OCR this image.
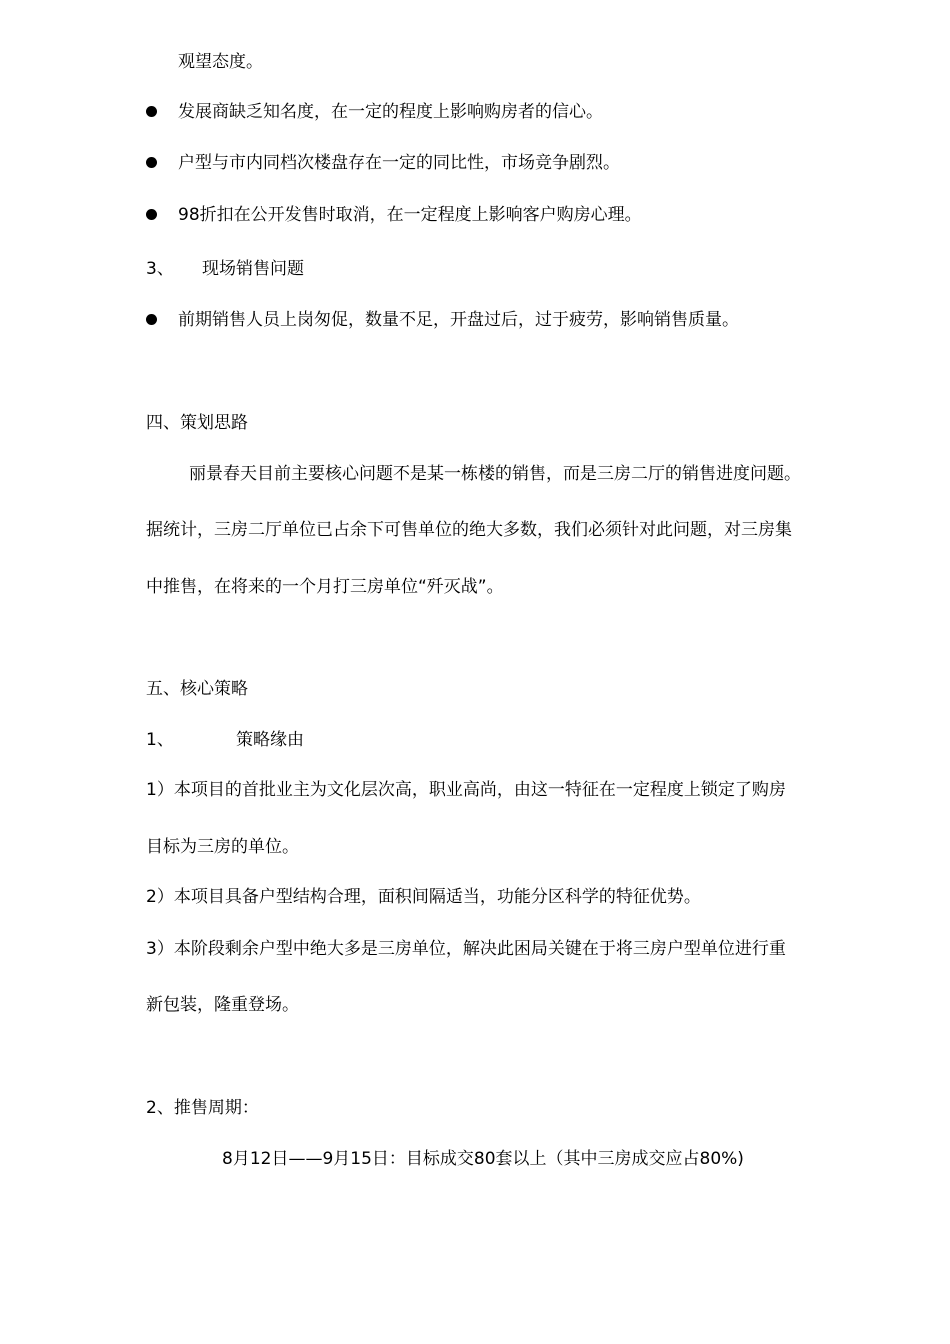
观望态度。
发展商缺乏知名度，在一定的程度上影响购房者的信心。
户型与市内同档次楼盘存在一定的同比性，市场竞争剧烈。
98折扣在公开发售时取消，在一定程度上影响客户购房心理。
3、 现场销售问题
前期销售人员上岗匆促，数量不足，开盘过后，过于疲劳，影响销售质量。
四、策划思路
丽景春天目前主要核心问题不是某一栋楼的销售，而是三房二厅的销售进度问题。
据统计，三房二厅单位已占余下可售单位的绝大多数，我们必须针对此问题，对三房集
中推售，在将来的一个月打三房单位“歼灭战”。
五、核心策略
1、	策略缘由
1）本项目的首批业主为文化层次高，职业高尚，由这一特征在一定程度上锁定了购房
目标为三房的单位。
2）本项目具备户型结构合理，面积间隔适当，功能分区科学的特征优势。
3）本阶段剩余户型中绝大多是三房单位，解决此困局关键在于将三房户型单位进行重
新包装，隆重登场。
2、推售周期：
8月12日——9月15日：目标成交80套以上（其中三房成交应占80%)
